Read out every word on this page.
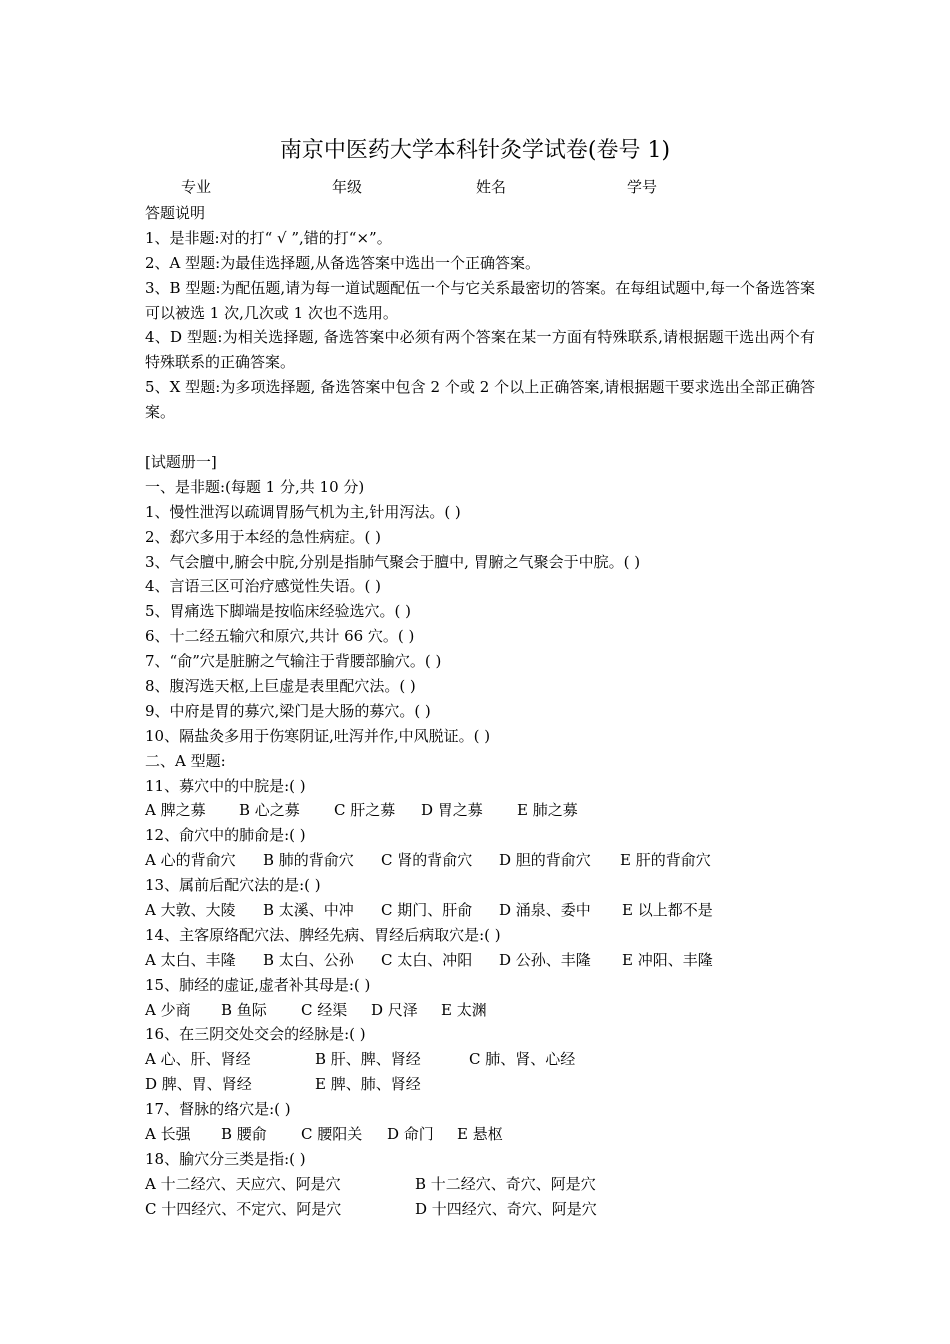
南京中医药大学本科针灸学试卷(卷号 1)
专业	年级	姓名	学号
答题说明
1、是非题:对的打“ √ ”,错的打“×”。
2、A 型题:为最佳选择题,从备选答案中选出一个正确答案。
3、B 型题:为配伍题,请为每一道试题配伍一个与它关系最密切的答案。在每组试题中,每一个备选答案可以被选 1 次,几次或 1 次也不选用。
4、D 型题:为相关选择题, 备选答案中必须有两个答案在某一方面有特殊联系,请根据题干选出两个有特殊联系的正确答案。
5、X 型题:为多项选择题, 备选答案中包含 2 个或 2 个以上正确答案,请根据题干要求选出全部正确答案。
[试题册一]
一、是非题:(每题 1 分,共 10 分)
1、慢性泄泻以疏调胃肠气机为主,针用泻法。( )
2、郄穴多用于本经的急性病症。( )
3、气会膻中,腑会中脘,分别是指肺气聚会于膻中, 胃腑之气聚会于中脘。( )
4、言语三区可治疗感觉性失语。( )
5、胃痛选下脚端是按临床经验选穴。( )
6、十二经五输穴和原穴,共计 66 穴。( )
7、“俞”穴是脏腑之气输注于背腰部腧穴。( )
8、腹泻选天枢,上巨虚是表里配穴法。( )
9、中府是胃的募穴,梁门是大肠的募穴。( )
10、隔盐灸多用于伤寒阴证,吐泻并作,中风脱证。( )
二、A 型题:
11、募穴中的中脘是:( )
A 脾之募	B 心之募	C 肝之募	D 胃之募	E 肺之募
12、俞穴中的肺俞是:( )
A 心的背俞穴	B 肺的背俞穴	C 肾的背俞穴	D 胆的背俞穴	E 肝的背俞穴
13、属前后配穴法的是:( )
A 大敦、大陵	B 太溪、中冲	C 期门、肝俞	D 涌泉、委中	E 以上都不是
14、主客原络配穴法、脾经先病、胃经后病取穴是:( )
A 太白、丰隆	B 太白、公孙	C 太白、冲阳	D 公孙、丰隆	E 冲阳、丰隆
15、肺经的虚证,虚者补其母是:( )
A 少商	B 鱼际	C 经渠	D 尺泽	E 太渊
16、在三阴交处交会的经脉是:( )
A 心、肝、肾经	B 肝、脾、肾经	C 肺、肾、心经
D 脾、胃、肾经	E 脾、肺、肾经
17、督脉的络穴是:( )
A 长强	B 腰俞	C 腰阳关	D 命门	E 悬枢
18、腧穴分三类是指:( )
A 十二经穴、天应穴、阿是穴	B 十二经穴、奇穴、阿是穴
C 十四经穴、不定穴、阿是穴	D 十四经穴、奇穴、阿是穴
